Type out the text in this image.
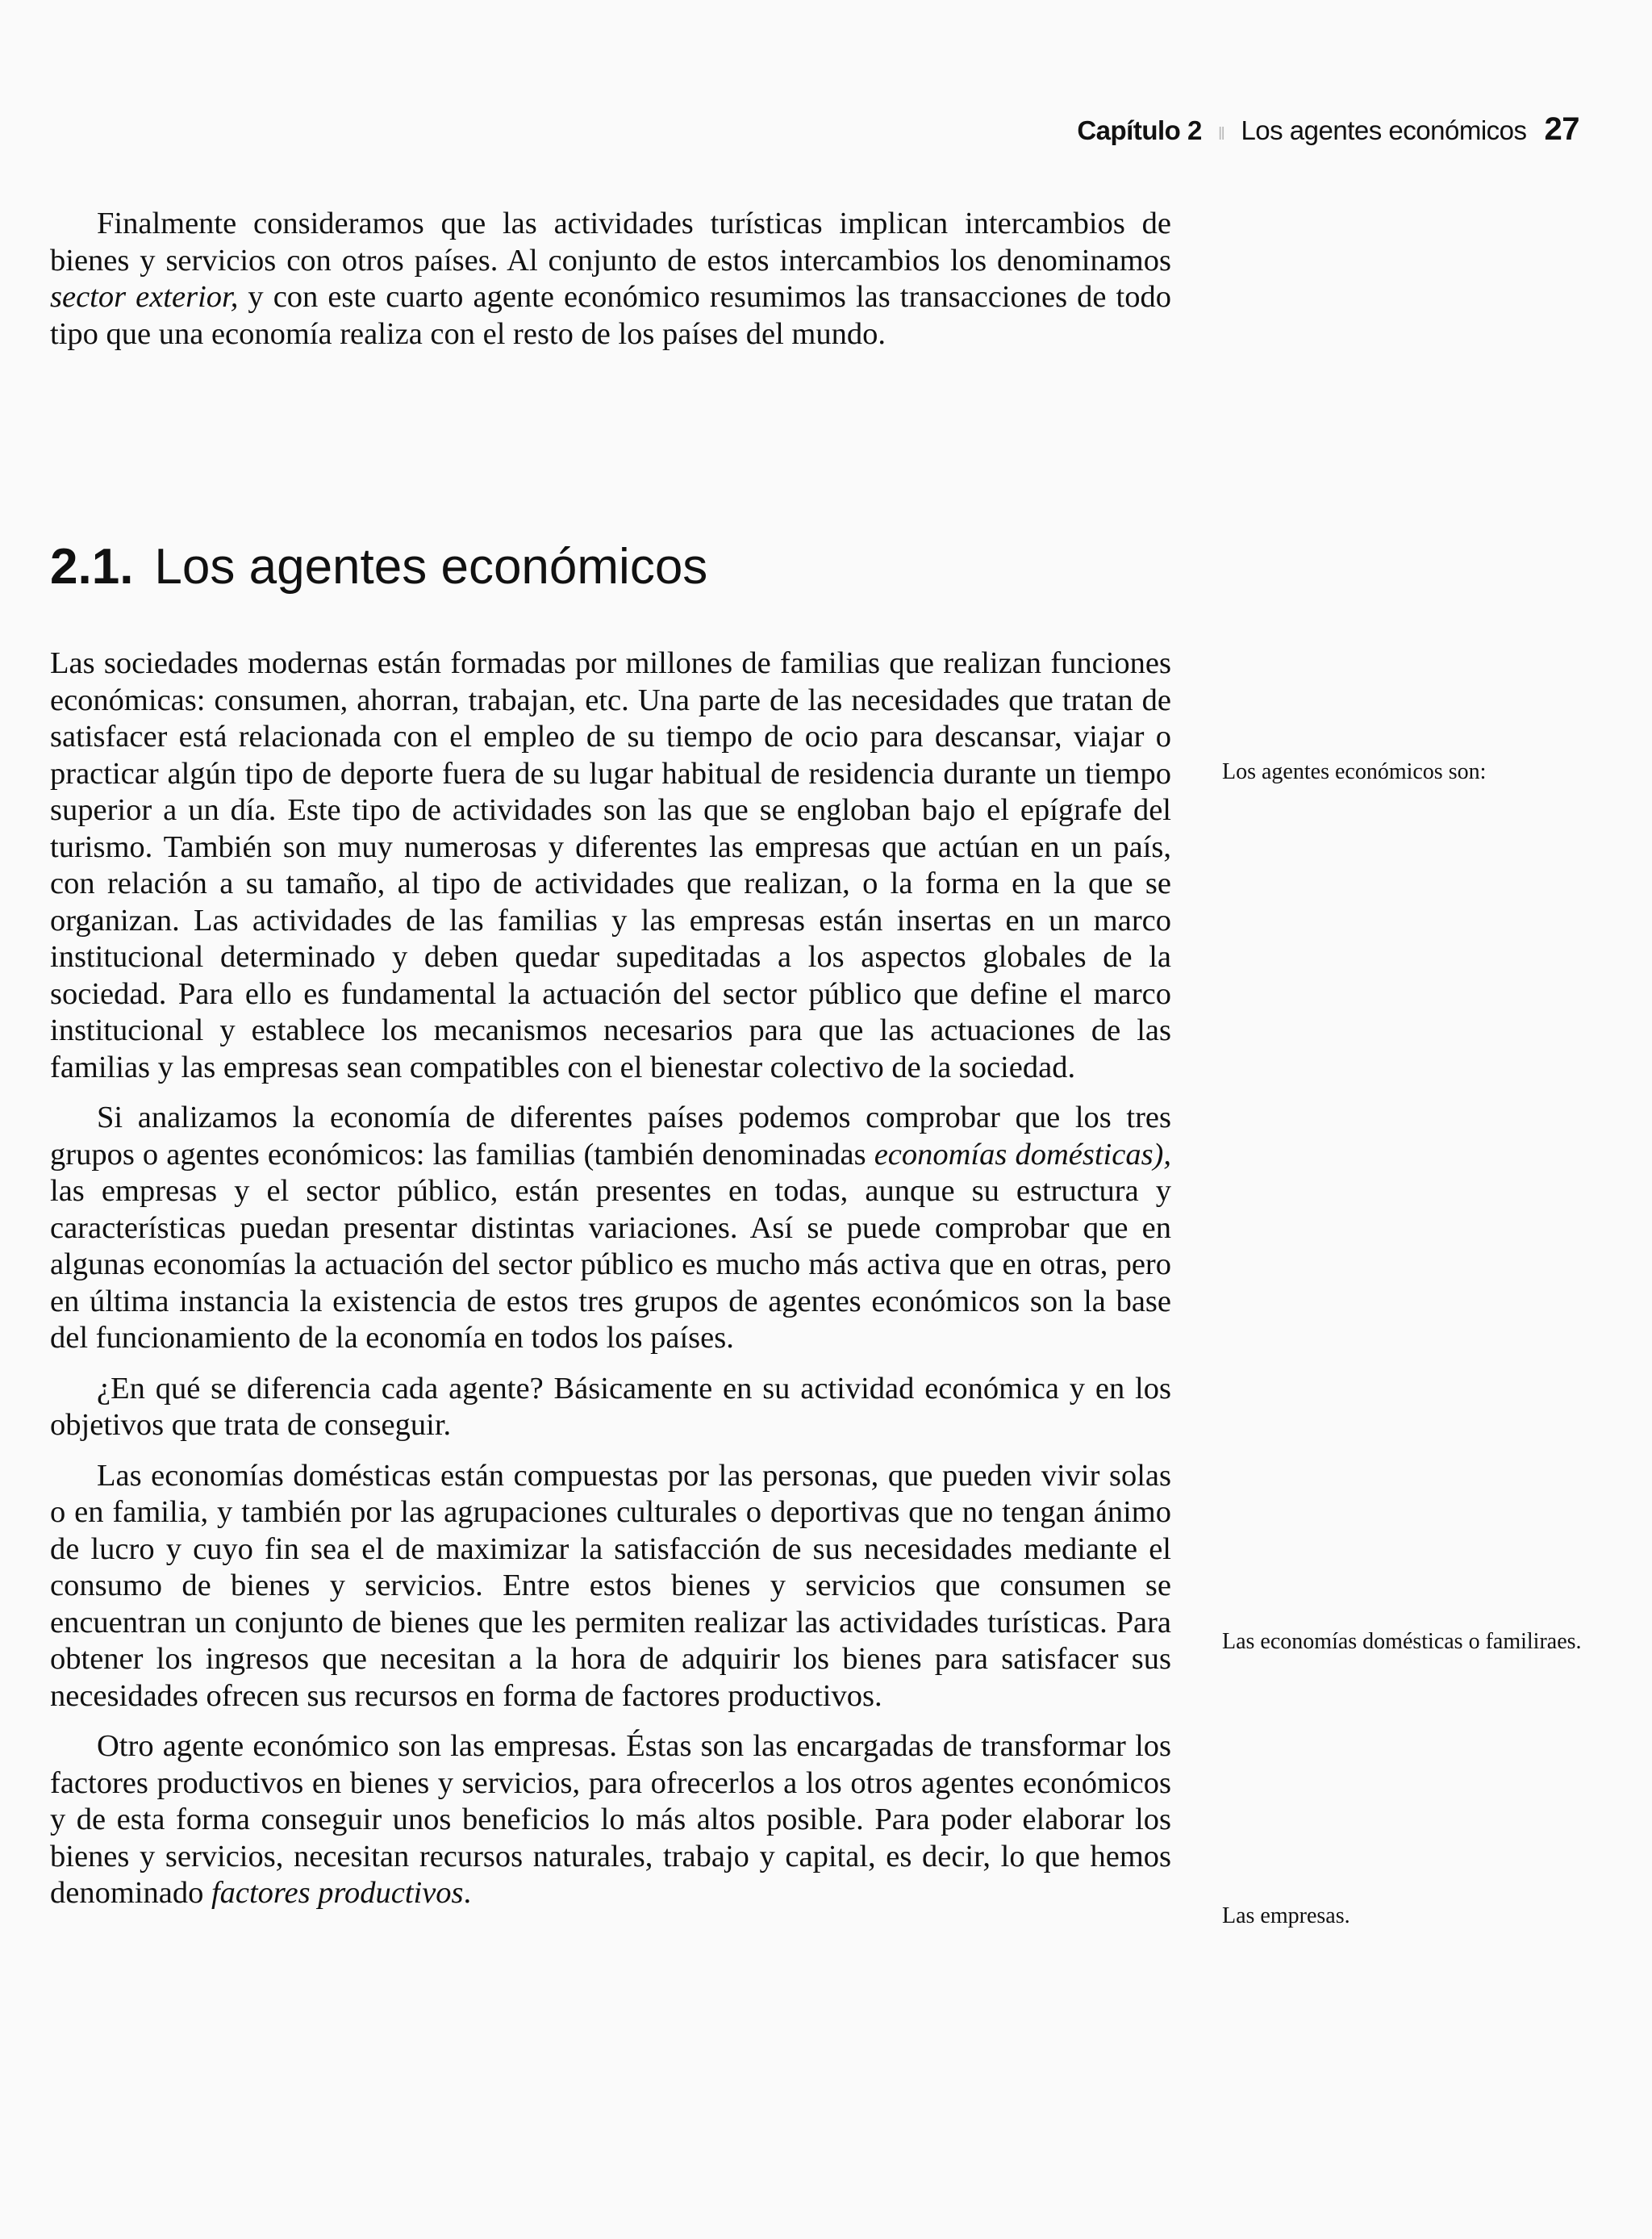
Capítulo 2 ‖ Los agentes económicos 27

Finalmente consideramos que las actividades turísticas implican intercambios de bienes y servicios con otros países. Al conjunto de estos intercambios los denominamos sector exterior, y con este cuarto agente económico resumimos las transacciones de todo tipo que una economía realiza con el resto de los países del mundo.

2.1. Los agentes económicos

Las sociedades modernas están formadas por millones de familias que realizan funciones económicas: consumen, ahorran, trabajan, etc. Una parte de las necesidades que tratan de satisfacer está relacionada con el empleo de su tiempo de ocio para descansar, viajar o practicar algún tipo de deporte fuera de su lugar habitual de residencia durante un tiempo superior a un día. Este tipo de actividades son las que se engloban bajo el epígrafe del turismo. También son muy numerosas y diferentes las empresas que actúan en un país, con relación a su tamaño, al tipo de actividades que realizan, o la forma en la que se organizan. Las actividades de las familias y las empresas están insertas en un marco institucional determinado y deben quedar supeditadas a los aspectos globales de la sociedad. Para ello es fundamental la actuación del sector público que define el marco institucional y establece los mecanismos necesarios para que las actuaciones de las familias y las empresas sean compatibles con el bienestar colectivo de la sociedad.

Si analizamos la economía de diferentes países podemos comprobar que los tres grupos o agentes económicos: las familias (también denominadas economías domésticas), las empresas y el sector público, están presentes en todas, aunque su estructura y características puedan presentar distintas variaciones. Así se puede comprobar que en algunas economías la actuación del sector público es mucho más activa que en otras, pero en última instancia la existencia de estos tres grupos de agentes económicos son la base del funcionamiento de la economía en todos los países.

¿En qué se diferencia cada agente? Básicamente en su actividad económica y en los objetivos que trata de conseguir.

Las economías domésticas están compuestas por las personas, que pueden vivir solas o en familia, y también por las agrupaciones culturales o deportivas que no tengan ánimo de lucro y cuyo fin sea el de maximizar la satisfacción de sus necesidades mediante el consumo de bienes y servicios. Entre estos bienes y servicios que consumen se encuentran un conjunto de bienes que les permiten realizar las actividades turísticas. Para obtener los ingresos que necesitan a la hora de adquirir los bienes para satisfacer sus necesidades ofrecen sus recursos en forma de factores productivos.

Otro agente económico son las empresas. Éstas son las encargadas de transformar los factores productivos en bienes y servicios, para ofrecerlos a los otros agentes económicos y de esta forma conseguir unos beneficios lo más altos posible. Para poder elaborar los bienes y servicios, necesitan recursos naturales, trabajo y capital, es decir, lo que hemos denominado factores productivos.

Los agentes económicos son:
Las economías domésticas o familiraes.
Las empresas.
